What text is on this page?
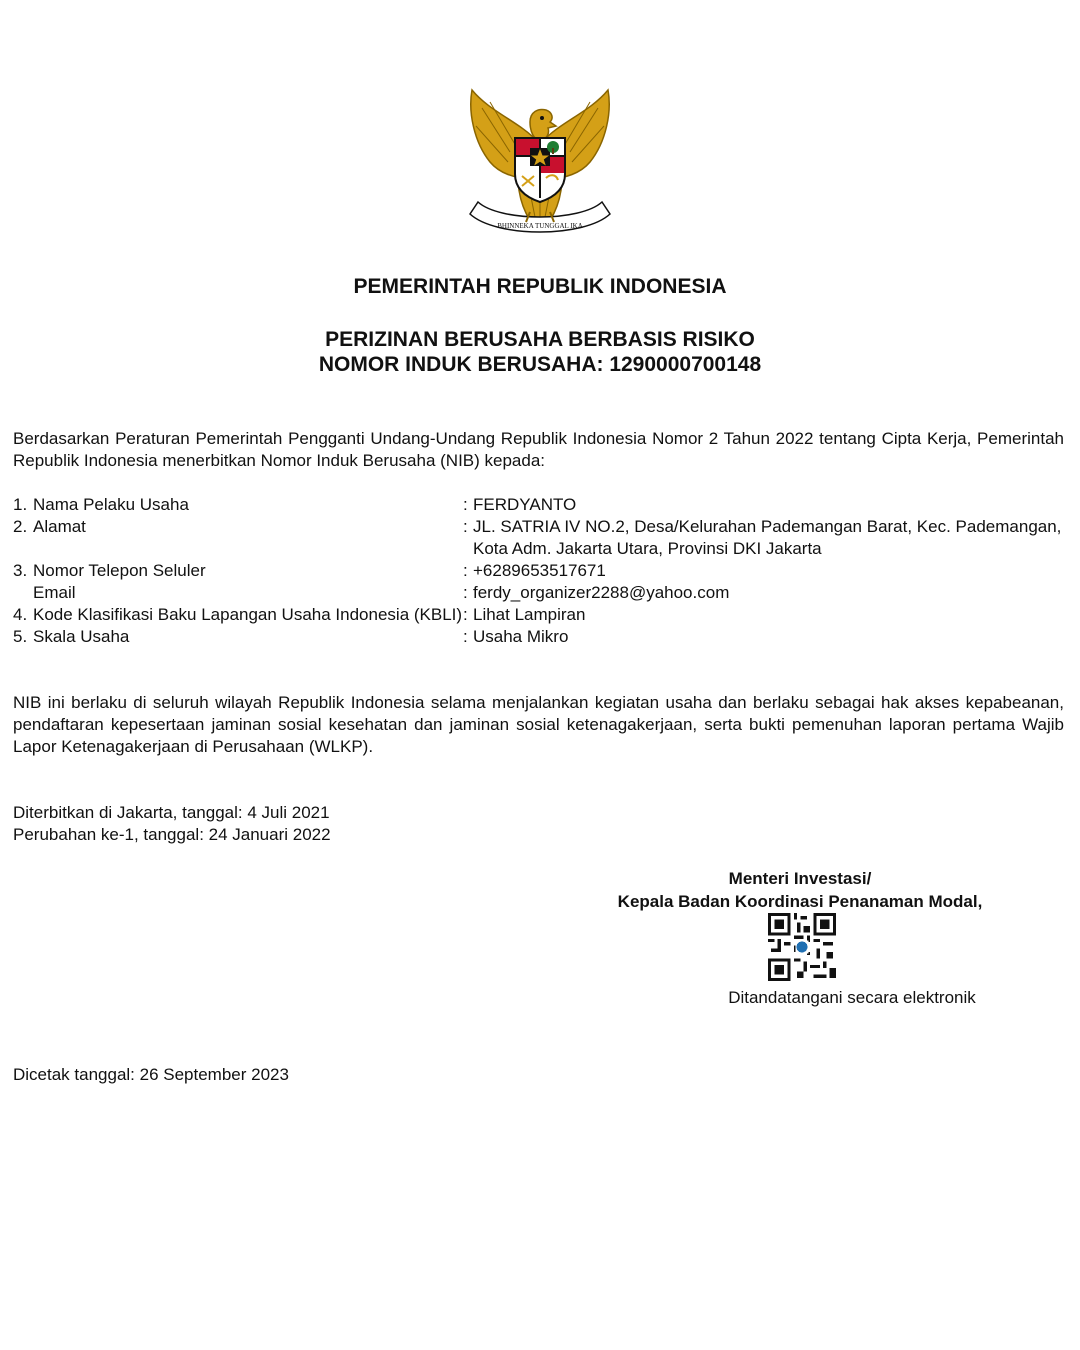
BHINNEKA TUNGGAL IKA
PEMERINTAH REPUBLIK INDONESIA
PERIZINAN BERUSAHA BERBASIS RISIKO
NOMOR INDUK BERUSAHA: 1290000700148
Berdasarkan Peraturan Pemerintah Pengganti Undang-Undang Republik Indonesia Nomor 2 Tahun 2022 tentang Cipta Kerja, Pemerintah Republik Indonesia menerbitkan Nomor Induk Berusaha (NIB) kepada:
1. Nama Pelaku Usaha	: FERDYANTO
2. Alamat	: JL. SATRIA IV NO.2, Desa/Kelurahan Pademangan Barat, Kec. Pademangan, Kota Adm. Jakarta Utara, Provinsi DKI Jakarta
3. Nomor Telepon Seluler	: +6289653517671
Email	: ferdy_organizer2288@yahoo.com
4. Kode Klasifikasi Baku Lapangan Usaha Indonesia (KBLI) : Lihat Lampiran
5. Skala Usaha	: Usaha Mikro
NIB ini berlaku di seluruh wilayah Republik Indonesia selama menjalankan kegiatan usaha dan berlaku sebagai hak akses kepabeanan, pendaftaran kepesertaan jaminan sosial kesehatan dan jaminan sosial ketenagakerjaan, serta bukti pemenuhan laporan pertama Wajib Lapor Ketenagakerjaan di Perusahaan (WLKP).
Diterbitkan di Jakarta, tanggal: 4 Juli 2021
Perubahan ke-1, tanggal: 24 Januari 2022
Menteri Investasi/
Kepala Badan Koordinasi Penanaman Modal,
Ditandatangani secara elektronik
Dicetak tanggal: 26 September 2023
